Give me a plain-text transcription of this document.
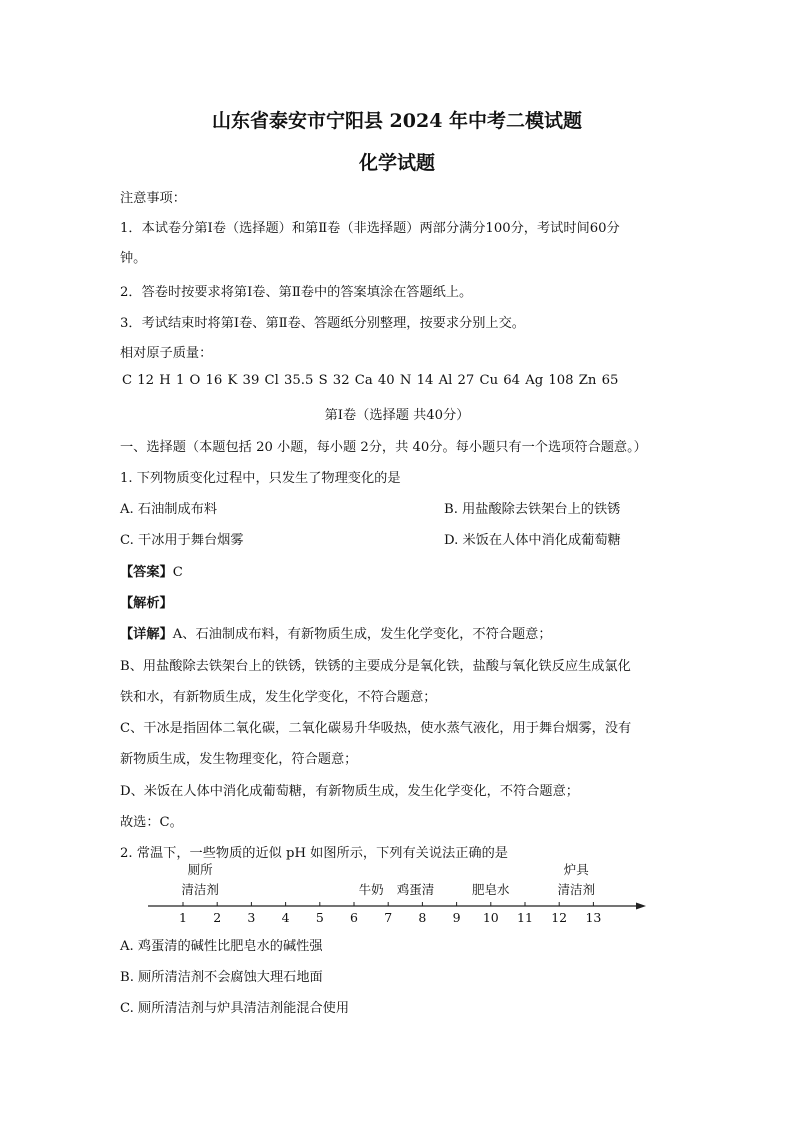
山东省泰安市宁阳县 2024 年中考二模试题
化学试题
注意事项：
1．本试卷分第Ⅰ卷（选择题）和第Ⅱ卷（非选择题）两部分满分100分，考试时间60分
钟。
2．答卷时按要求将第Ⅰ卷、第Ⅱ卷中的答案填涂在答题纸上。
3．考试结束时将第Ⅰ卷、第Ⅱ卷、答题纸分别整理，按要求分别上交。
相对原子质量：
C 12 H 1 O 16 K 39 Cl 35.5 S 32 Ca 40 N 14 Al 27 Cu 64 Ag 108 Zn 65
第Ⅰ卷（选择题 共40分）
一、选择题（本题包括 20 小题，每小题 2分，共 40分。每小题只有一个选项符合题意。）
1. 下列物质变化过程中，只发生了物理变化的是
A. 石油制成布料	B. 用盐酸除去铁架台上的铁锈
C. 干冰用于舞台烟雾	D. 米饭在人体中消化成葡萄糖
【答案】C
【解析】
【详解】A、石油制成布料，有新物质生成，发生化学变化，不符合题意；
B、用盐酸除去铁架台上的铁锈，铁锈的主要成分是氧化铁，盐酸与氧化铁反应生成氯化
铁和水，有新物质生成，发生化学变化，不符合题意；
C、干冰是指固体二氧化碳，二氧化碳易升华吸热，使水蒸气液化，用于舞台烟雾，没有
新物质生成，发生物理变化，符合题意；
D、米饭在人体中消化成葡萄糖，有新物质生成，发生化学变化，不符合题意；
故选：C。
2. 常温下，一些物质的近似 pH 如图所示，下列有关说法正确的是
1 2 3 4 5 6 7 8 9 10 11 12 13
厕所
清洁剂	牛奶 鸡蛋清	肥皂水
炉具
清洁剂
A. 鸡蛋清的碱性比肥皂水的碱性强
B. 厕所清洁剂不会腐蚀大理石地面
C. 厕所清洁剂与炉具清洁剂能混合使用
